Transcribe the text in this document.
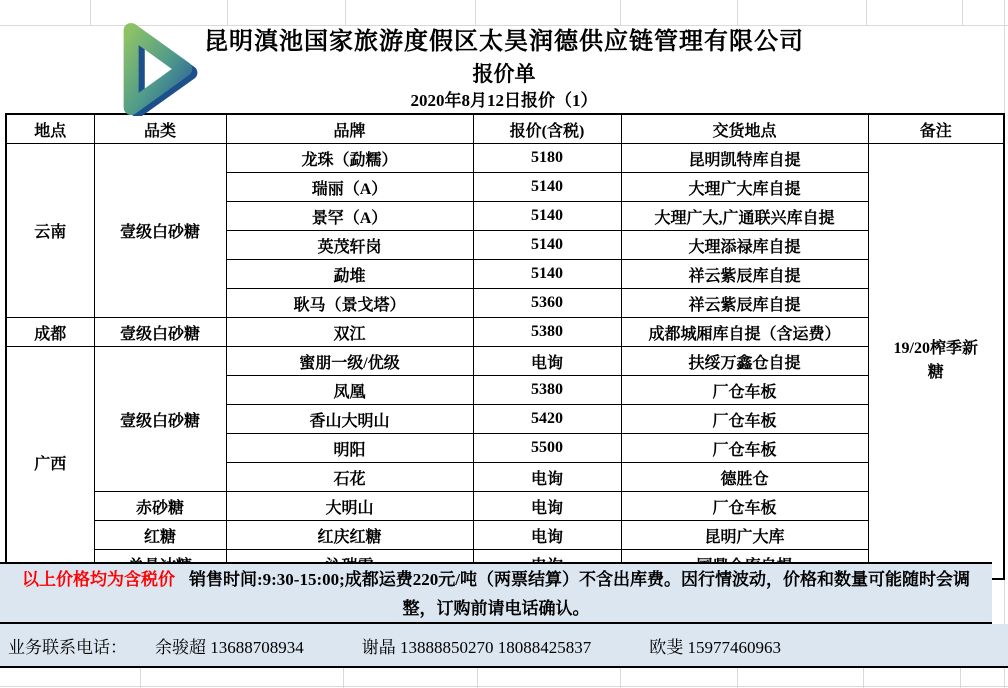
昆明滇池国家旅游度假区太昊润德供应链管理有限公司
报价单
2020年8月12日报价（1）
地点	品类	品牌	报价(含税)	交货地点	备注
云南	壹级白砂糖	龙珠（勐糯）	5180	昆明凯特库自提	19/20榨季新糖
		瑞丽（A）	5140	大理广大库自提	
		景罕（A）	5140	大理广大,广通联兴库自提	
		英茂轩岗	5140	大理添禄库自提	
		勐堆	5140	祥云紫辰库自提	
		耿马（景戈塔）	5360	祥云紫辰库自提	
成都	壹级白砂糖	双江	5380	成都城厢库自提（含运费）	
广西	壹级白砂糖	蜜朋一级/优级	电询	扶绥万鑫仓自提	
		凤凰	5380	厂仓车板	
		香山大明山	5420	厂仓车板	
		明阳	5500	厂仓车板	
		石花	电询	德胜仓	
	赤砂糖	大明山	电询	厂仓车板	
	红糖	红庆红糖	电询	昆明广大库	

以上价格均为含税价 销售时间:9:30-15:00;成都运费220元/吨（两票结算）不含出库费。因行情波动，价格和数量可能随时会调整，订购前请电话确认。
业务联系电话： 余骏超 13688708934	谢晶 13888850270 18088425837	欧斐 15977460963
